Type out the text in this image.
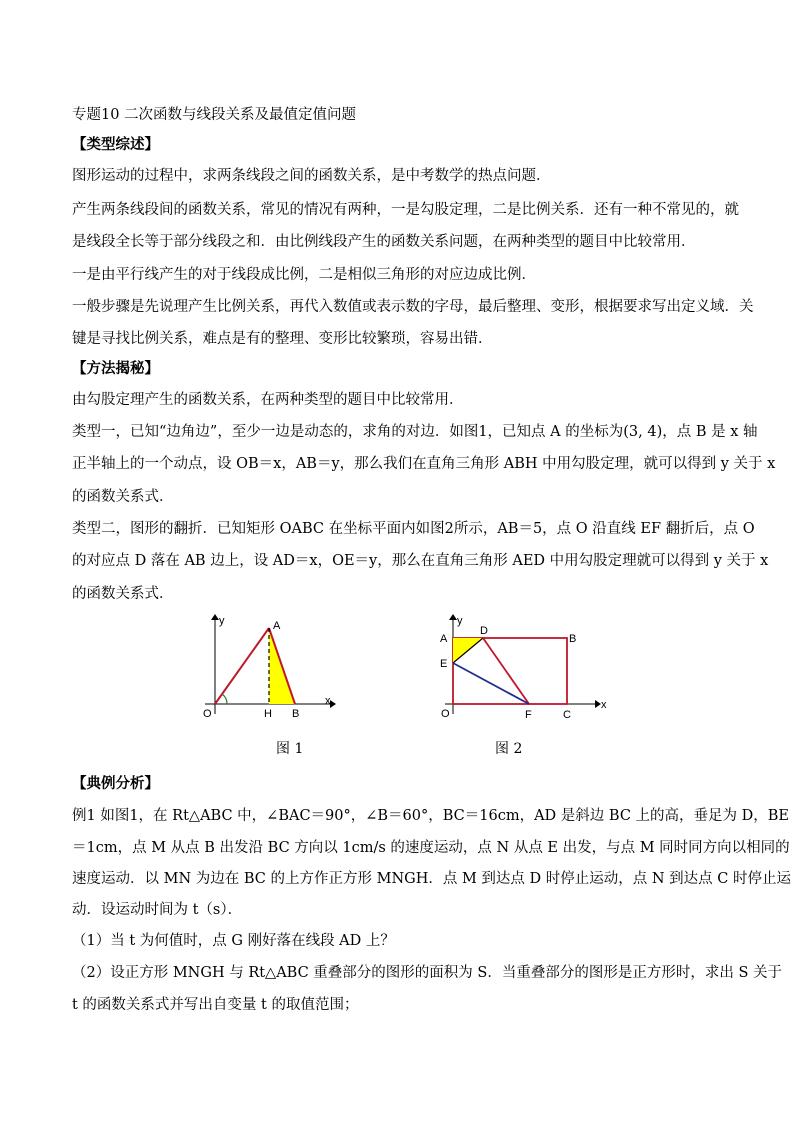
专题10 二次函数与线段关系及最值定值问题
【类型综述】
图形运动的过程中，求两条线段之间的函数关系，是中考数学的热点问题．
产生两条线段间的函数关系，常见的情况有两种，一是勾股定理，二是比例关系．还有一种不常见的，就
是线段全长等于部分线段之和．由比例线段产生的函数关系问题，在两种类型的题目中比较常用．
一是由平行线产生的对于线段成比例，二是相似三角形的对应边成比例．
一般步骤是先说理产生比例关系，再代入数值或表示数的字母，最后整理、变形，根据要求写出定义域．关
键是寻找比例关系，难点是有的整理、变形比较繁琐，容易出错．
【方法揭秘】
由勾股定理产生的函数关系，在两种类型的题目中比较常用．
类型一，已知“边角边”，至少一边是动态的，求角的对边．如图1，已知点 A 的坐标为(3, 4)，点 B 是 x 轴
正半轴上的一个动点，设 OB＝x，AB＝y，那么我们在直角三角形 ABH 中用勾股定理，就可以得到 y 关于 x
的函数关系式．
类型二，图形的翻折．已知矩形 OABC 在坐标平面内如图2所示，AB＝5，点 O 沿直线 EF 翻折后，点 O
的对应点 D 落在 AB 边上，设 AD＝x，OE＝y，那么在直角三角形 AED 中用勾股定理就可以得到 y 关于 x
的函数关系式．
y	A
O	H B
x
图 1
y
A
D
B
E
O	F	C
x
图 2
【典例分析】
例1 如图1，在 Rt△ABC 中，∠BAC＝90°，∠B＝60°，BC＝16cm，AD 是斜边 BC 上的高，垂足为 D，BE
＝1cm，点 M 从点 B 出发沿 BC 方向以 1cm/s 的速度运动，点 N 从点 E 出发，与点 M 同时同方向以相同的
速度运动．以 MN 为边在 BC 的上方作正方形 MNGH．点 M 到达点 D 时停止运动，点 N 到达点 C 时停止运
动．设运动时间为 t（s）．
（1）当 t 为何值时，点 G 刚好落在线段 AD 上？
（2）设正方形 MNGH 与 Rt△ABC 重叠部分的图形的面积为 S．当重叠部分的图形是正方形时，求出 S 关于
t 的函数关系式并写出自变量 t 的取值范围；
